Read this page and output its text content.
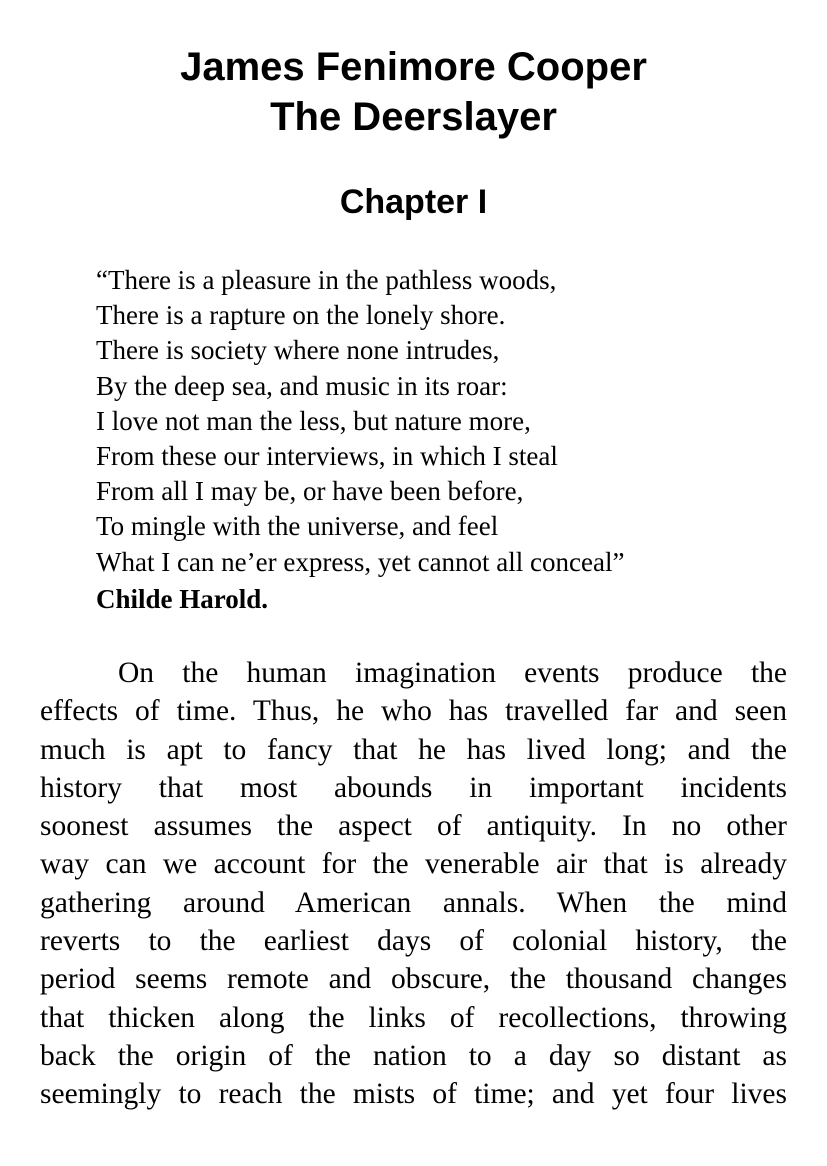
James Fenimore Cooper
The Deerslayer
Chapter I
“There is a pleasure in the pathless woods,
There is a rapture on the lonely shore.
There is society where none intrudes,
By the deep sea, and music in its roar:
I love not man the less, but nature more,
From these our interviews, in which I steal
From all I may be, or have been before,
To mingle with the universe, and feel
What I can ne’er express, yet cannot all conceal”

Childe Harold.

On the human imagination events produce the
effects of time. Thus, he who has travelled far and seen
much is apt to fancy that he has lived long; and the
history that most abounds in important incidents
soonest assumes the aspect of antiquity. In no other
way can we account for the venerable air that is already
gathering around American annals. When the mind
reverts to the earliest days of colonial history, the
period seems remote and obscure, the thousand changes
that thicken along the links of recollections, throwing
back the origin of the nation to a day so distant as
seemingly to reach the mists of time; and yet four lives
